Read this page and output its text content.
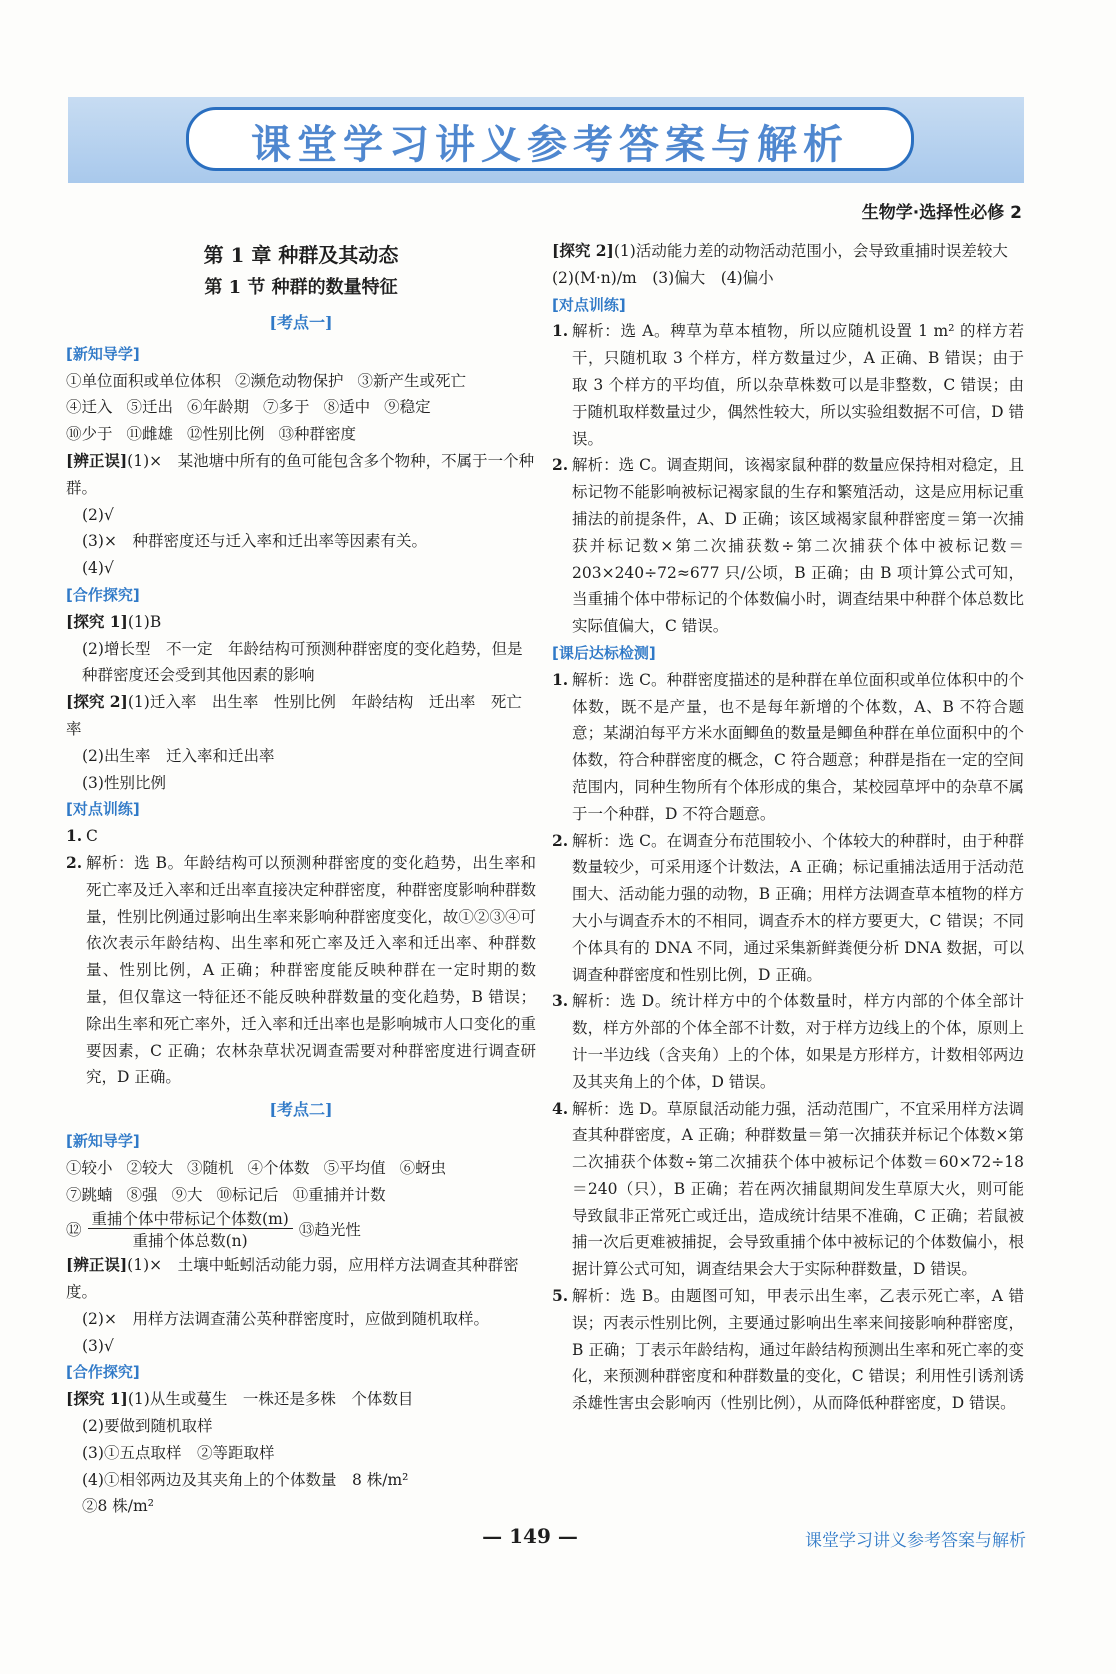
课堂学习讲义参考答案与解析
生物学·选择性必修 2
第 1 章 种群及其动态
第 1 节 种群的数量特征
[考点一]
[新知导学]
①单位面积或单位体积 ②濒危动物保护 ③新产生或死亡
④迁入 ⑤迁出 ⑥年龄期 ⑦多于 ⑧适中 ⑨稳定
⑩少于 ⑪雌雄 ⑫性别比例 ⑬种群密度
[辨正误](1)×　某池塘中所有的鱼可能包含多个物种，不属于一个种群。
(2)√
(3)×　种群密度还与迁入率和迁出率等因素有关。
(4)√
[合作探究]
[探究 1](1)B
(2)增长型　不一定　年龄结构可预测种群密度的变化趋势，但是种群密度还会受到其他因素的影响
[探究 2](1)迁入率　出生率　性别比例　年龄结构　迁出率　死亡率
(2)出生率　迁入率和迁出率
(3)性别比例
[对点训练]
1. C
2. 解析：选 B。年龄结构可以预测种群密度的变化趋势，出生率和死亡率及迁入率和迁出率直接决定种群密度，种群密度影响种群数量，性别比例通过影响出生率来影响种群密度变化，故①②③④可依次表示年龄结构、出生率和死亡率及迁入率和迁出率、种群数量、性别比例，A 正确；种群密度能反映种群在一定时期的数量，但仅靠这一特征还不能反映种群数量的变化趋势，B 错误；除出生率和死亡率外，迁入率和迁出率也是影响城市人口变化的重要因素，C 正确；农林杂草状况调查需要对种群密度进行调查研究，D 正确。
[考点二]
[新知导学]
①较小 ②较大 ③随机 ④个体数 ⑤平均值 ⑥蚜虫
⑦跳蝻 ⑧强 ⑨大 ⑩标记后 ⑪重捕并计数
⑫
重捕个体中带标记个体数(m)
重捕个体总数(n)
⑬趋光性
[辨正误](1)×　土壤中蚯蚓活动能力弱，应用样方法调查其种群密度。
(2)×　用样方法调查蒲公英种群密度时，应做到随机取样。
(3)√
[合作探究]
[探究 1](1)从生或蔓生　一株还是多株　个体数目
(2)要做到随机取样
(3)①五点取样　②等距取样
(4)①相邻两边及其夹角上的个体数量　8 株/m²
②8 株/m²
[探究 2](1)活动能力差的动物活动范围小，会导致重捕时误差较大　(2)(M·n)/m　(3)偏大　(4)偏小
[对点训练]
1. 解析：选 A。稗草为草本植物，所以应随机设置 1 m² 的样方若干，只随机取 3 个样方，样方数量过少，A 正确、B 错误；由于取 3 个样方的平均值，所以杂草株数可以是非整数，C 错误；由于随机取样数量过少，偶然性较大，所以实验组数据不可信，D 错误。
2. 解析：选 C。调查期间，该褐家鼠种群的数量应保持相对稳定，且标记物不能影响被标记褐家鼠的生存和繁殖活动，这是应用标记重捕法的前提条件，A、D 正确；该区域褐家鼠种群密度＝第一次捕获并标记数×第二次捕获数÷第二次捕获个体中被标记数＝203×240÷72≈677 只/公顷，B 正确；由 B 项计算公式可知，当重捕个体中带标记的个体数偏小时，调查结果中种群个体总数比实际值偏大，C 错误。
[课后达标检测]
1. 解析：选 C。种群密度描述的是种群在单位面积或单位体积中的个体数，既不是产量，也不是每年新增的个体数，A、B 不符合题意；某湖泊每平方米水面鲫鱼的数量是鲫鱼种群在单位面积中的个体数，符合种群密度的概念，C 符合题意；种群是指在一定的空间范围内，同种生物所有个体形成的集合，某校园草坪中的杂草不属于一个种群，D 不符合题意。
2. 解析：选 C。在调查分布范围较小、个体较大的种群时，由于种群数量较少，可采用逐个计数法，A 正确；标记重捕法适用于活动范围大、活动能力强的动物，B 正确；用样方法调查草本植物的样方大小与调查乔木的不相同，调查乔木的样方要更大，C 错误；不同个体具有的 DNA 不同，通过采集新鲜粪便分析 DNA 数据，可以调查种群密度和性别比例，D 正确。
3. 解析：选 D。统计样方中的个体数量时，样方内部的个体全部计数，样方外部的个体全部不计数，对于样方边线上的个体，原则上计一半边线（含夹角）上的个体，如果是方形样方，计数相邻两边及其夹角上的个体，D 错误。
4. 解析：选 D。草原鼠活动能力强，活动范围广，不宜采用样方法调查其种群密度，A 正确；种群数量＝第一次捕获并标记个体数×第二次捕获个体数÷第二次捕获个体中被标记个体数＝60×72÷18＝240（只），B 正确；若在两次捕鼠期间发生草原大火，则可能导致鼠非正常死亡或迁出，造成统计结果不准确，C 正确；若鼠被捕一次后更难被捕捉，会导致重捕个体中被标记的个体数偏小，根据计算公式可知，调查结果会大于实际种群数量，D 错误。
5. 解析：选 B。由题图可知，甲表示出生率，乙表示死亡率，A 错误；丙表示性别比例，主要通过影响出生率来间接影响种群密度，B 正确；丁表示年龄结构，通过年龄结构预测出生率和死亡率的变化，来预测种群密度和种群数量的变化，C 错误；利用性引诱剂诱杀雄性害虫会影响丙（性别比例），从而降低种群密度，D 错误。
— 149 —	课堂学习讲义参考答案与解析
